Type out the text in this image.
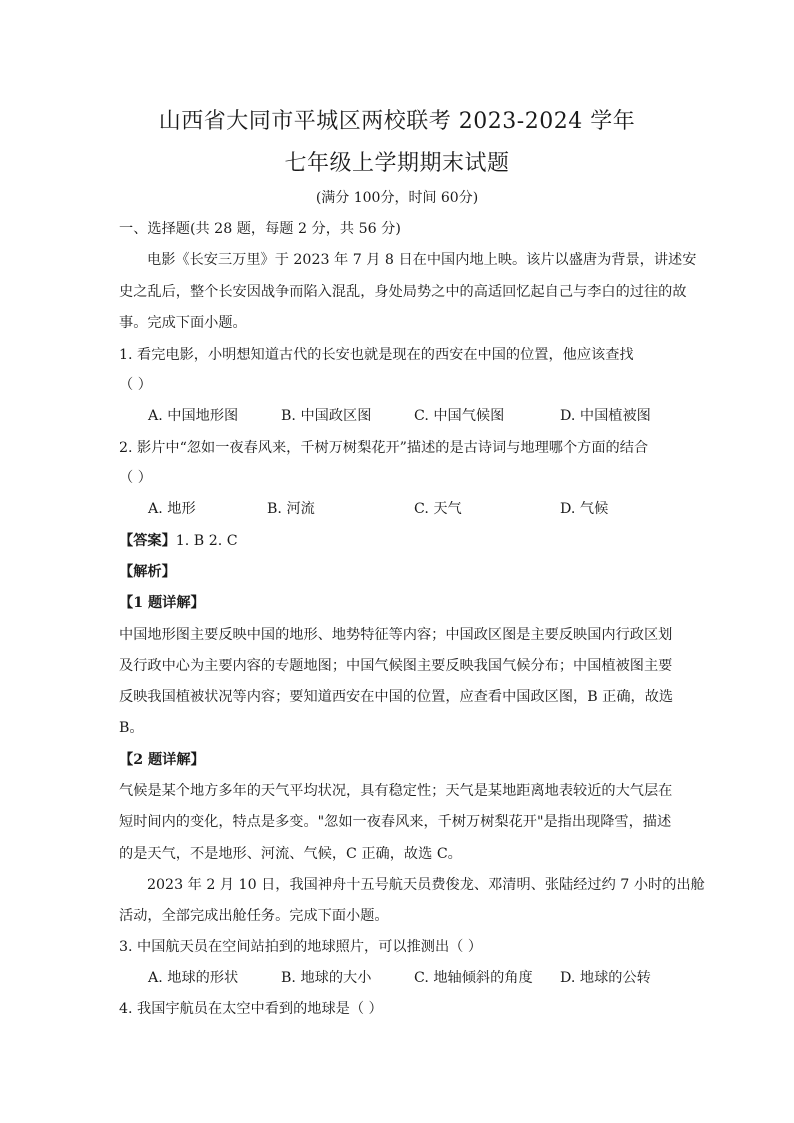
山西省大同市平城区两校联考 2023-2024 学年
七年级上学期期末试题
(满分 100分，时间 60分)
一、选择题(共 28 题，每题 2 分，共 56 分)
电影《长安三万里》于 2023 年 7 月 8 日在中国内地上映。该片以盛唐为背景，讲述安
史之乱后，整个长安因战争而陷入混乱，身处局势之中的高适回忆起自己与李白的过往的故
事。完成下面小题。
1. 看完电影，小明想知道古代的长安也就是现在的西安在中国的位置，他应该查找
（ ）
A. 中国地形图	B. 中国政区图	C. 中国气候图	D. 中国植被图
2. 影片中“忽如一夜春风来，千树万树梨花开”描述的是古诗词与地理哪个方面的结合
（ ）
A. 地形	B. 河流	C. 天气	D. 气候
【答案】1. B 2. C
【解析】
【1 题详解】
中国地形图主要反映中国的地形、地势特征等内容；中国政区图是主要反映国内行政区划
及行政中心为主要内容的专题地图；中国气候图主要反映我国气候分布；中国植被图主要
反映我国植被状况等内容；要知道西安在中国的位置，应查看中国政区图，B 正确，故选
B。
【2 题详解】
气候是某个地方多年的天气平均状况，具有稳定性；天气是某地距离地表较近的大气层在
短时间内的变化，特点是多变。"忽如一夜春风来，千树万树梨花开"是指出现降雪，描述
的是天气，不是地形、河流、气候，C 正确，故选 C。
2023 年 2 月 10 日，我国神舟十五号航天员费俊龙、邓清明、张陆经过约 7 小时的出舱
活动，全部完成出舱任务。完成下面小题。
3. 中国航天员在空间站拍到的地球照片，可以推测出（ ）
A. 地球的形状	B. 地球的大小	C. 地轴倾斜的角度 D. 地球的公转
4. 我国宇航员在太空中看到的地球是（ ）
